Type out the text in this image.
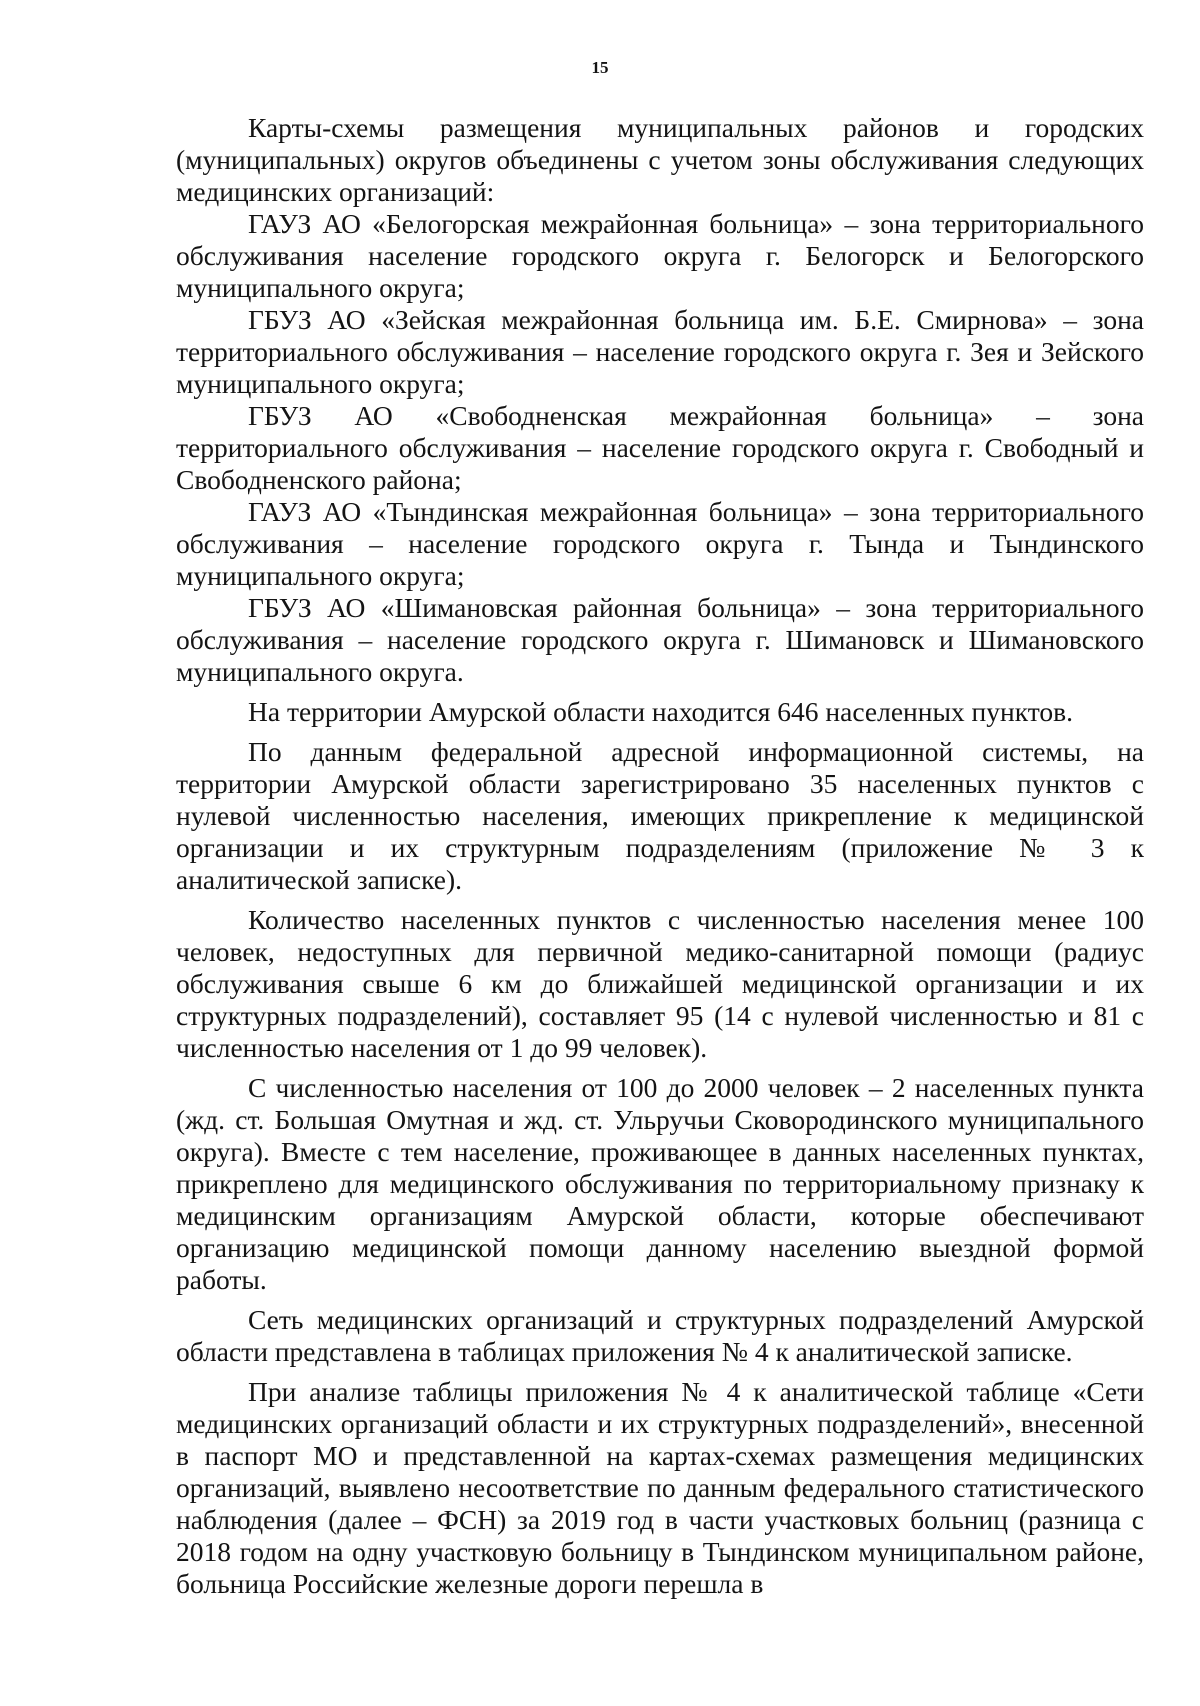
15

Карты-схемы размещения муниципальных районов и городских (муниципальных) округов объединены с учетом зоны обслуживания следующих медицинских организаций:

ГАУЗ АО «Белогорская межрайонная больница» – зона территориального обслуживания население городского округа г. Белогорск и Белогорского муниципального округа;

ГБУЗ АО «Зейская межрайонная больница им. Б.Е. Смирнова» – зона территориального обслуживания – население городского округа г. Зея и Зейского муниципального округа;

ГБУЗ АО «Свободненская межрайонная больница» – зона территориального обслуживания – население городского округа г. Свободный и Свободненского района;

ГАУЗ АО «Тындинская межрайонная больница» – зона территориального обслуживания – население городского округа г. Тында и Тындинского муниципального округа;

ГБУЗ АО «Шимановская районная больница» – зона территориального обслуживания – население городского округа г. Шимановск и Шимановского муниципального округа.

На территории Амурской области находится 646 населенных пунктов.

По данным федеральной адресной информационной системы, на территории Амурской области зарегистрировано 35 населенных пунктов с нулевой численностью населения, имеющих прикрепление к медицинской организации и их структурным подразделениям (приложение № 3 к аналитической записке).

Количество населенных пунктов с численностью населения менее 100 человек, недоступных для первичной медико-санитарной помощи (радиус обслуживания свыше 6 км до ближайшей медицинской организации и их структурных подразделений), составляет 95 (14 с нулевой численностью и 81 с численностью населения от 1 до 99 человек).

С численностью населения от 100 до 2000 человек – 2 населенных пункта (жд. ст. Большая Омутная и жд. ст. Ульручьи Сковородинского муниципального округа). Вместе с тем население, проживающее в данных населенных пунктах, прикреплено для медицинского обслуживания по территориальному признаку к медицинским организациям Амурской области, которые обеспечивают организацию медицинской помощи данному населению выездной формой работы.

Сеть медицинских организаций и структурных подразделений Амурской области представлена в таблицах приложения № 4 к аналитической записке.

При анализе таблицы приложения № 4 к аналитической таблице «Сети медицинских организаций области и их структурных подразделений», внесенной в паспорт МО и представленной на картах-схемах размещения медицинских организаций, выявлено несоответствие по данным федерального статистического наблюдения (далее – ФСН) за 2019 год в части участковых больниц (разница с 2018 годом на одну участковую больницу в Тындинском муниципальном районе, больница Российские железные дороги перешла в
